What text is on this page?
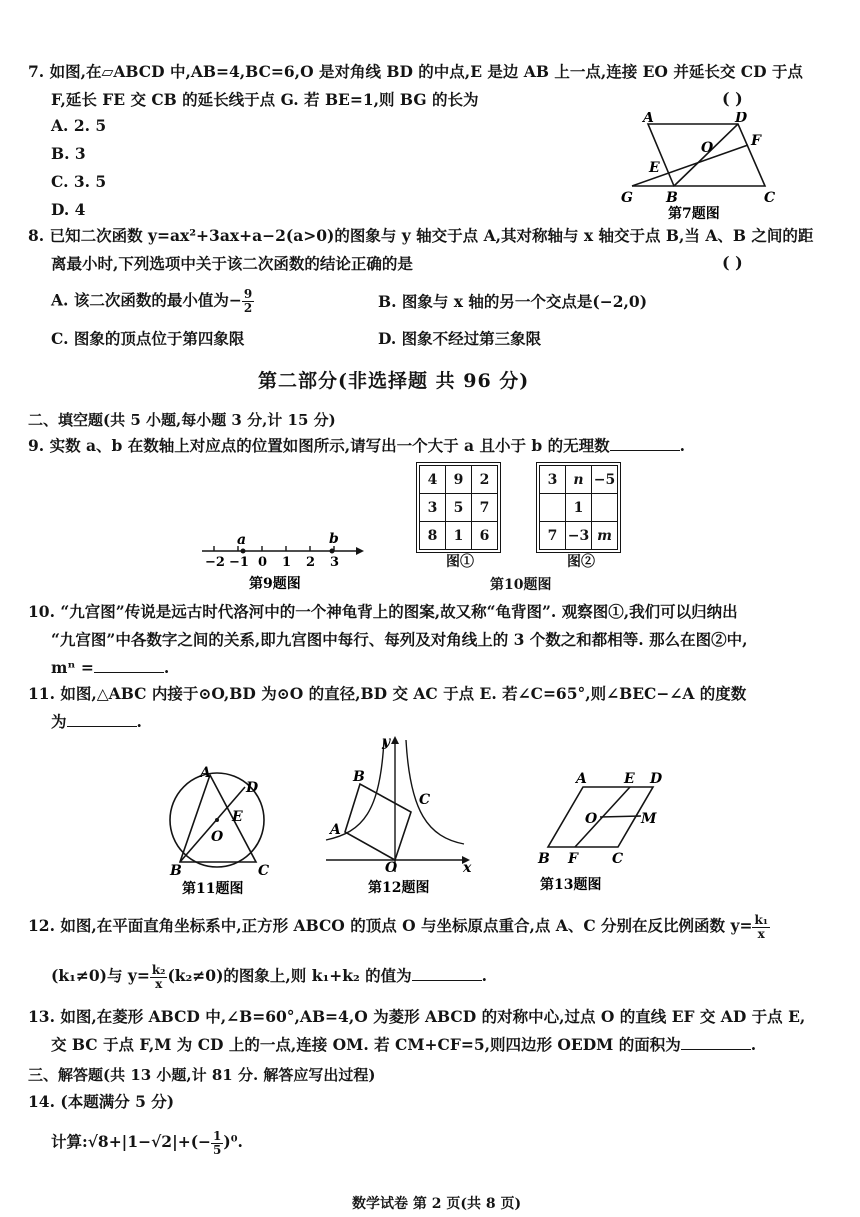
7. 如图,在▱ABCD 中,AB=4,BC=6,O 是对角线 BD 的中点,E 是边 AB 上一点,连接 EO 并延长交 CD 于点
F,延长 FE 交 CB 的延长线于点 G. 若 BE=1,则 BG 的长为	( )
A. 2. 5
B. 3
C. 3. 5
D. 4
A	D
O	F
E
G B	C
第7题图
8. 已知二次函数 y=ax²+3ax+a−2(a>0)的图象与 y 轴交于点 A,其对称轴与 x 轴交于点 B,当 A、B 之间的距
离最小时,下列选项中关于该二次函数的结论正确的是	( )
A. 该二次函数的最小值为− $\frac{9}{2}$	B. 图象与 x 轴的另一个交点是(−2,0)
C. 图象的顶点位于第四象限	D. 图象不经过第三象限
第二部分(非选择题 共 96 分)
二、填空题(共 5 小题,每小题 3 分,计 15 分)
9. 实数 a、b 在数轴上对应点的位置如图所示,请写出一个大于 a 且小于 b 的无理数	.
a	b
−2 −1 0 1 2 3
第9题图
4	9	2
3	5	7
8	1	6
图①
3	n	−5
	1	
7	−3	m
图②
第10题图
10. “九宫图”传说是远古时代洛河中的一个神龟背上的图案,故又称“龟背图”. 观察图①,我们可以归纳出
“九宫图”中各数字之间的关系,即九宫图中每行、每列及对角线上的 3 个数之和都相等. 那么在图②中,
mⁿ =	.
11. 如图,△ABC 内接于⊙O,BD 为⊙O 的直径,BD 交 AC 于点 E. 若∠C=65°,则∠BEC−∠A 的度数
为	.
A
D
E
O
B	C
第11题图
y
B
C
A
O	x
第12题图
A	E D
O	M
B F C
第13题图
12. 如图,在平面直角坐标系中,正方形 ABCO 的顶点 O 与坐标原点重合,点 A、C 分别在反比例函数 $y= \frac{\text{k₁}}{x}$
(k₁≠0)与 $y= \frac{\text{k₂}}{x} (k_2\ne 0)$的图象上,则 k₁+k₂ 的值为	.
13. 如图,在菱形 ABCD 中,∠B=60°,AB=4,O 为菱形 ABCD 的对称中心,过点 O 的直线 EF 交 AD 于点 E,
交 BC 于点 F,M 为 CD 上的一点,连接 OM. 若 CM+CF=5,则四边形 OEDM 的面积为	.
三、解答题(共 13 小题,计 81 分. 解答应写出过程)
14. (本题满分 5 分)
计算:√8+|1−√2|+(− $\frac{1}{5} )^0$.
数学试卷 第 2 页(共 8 页)
